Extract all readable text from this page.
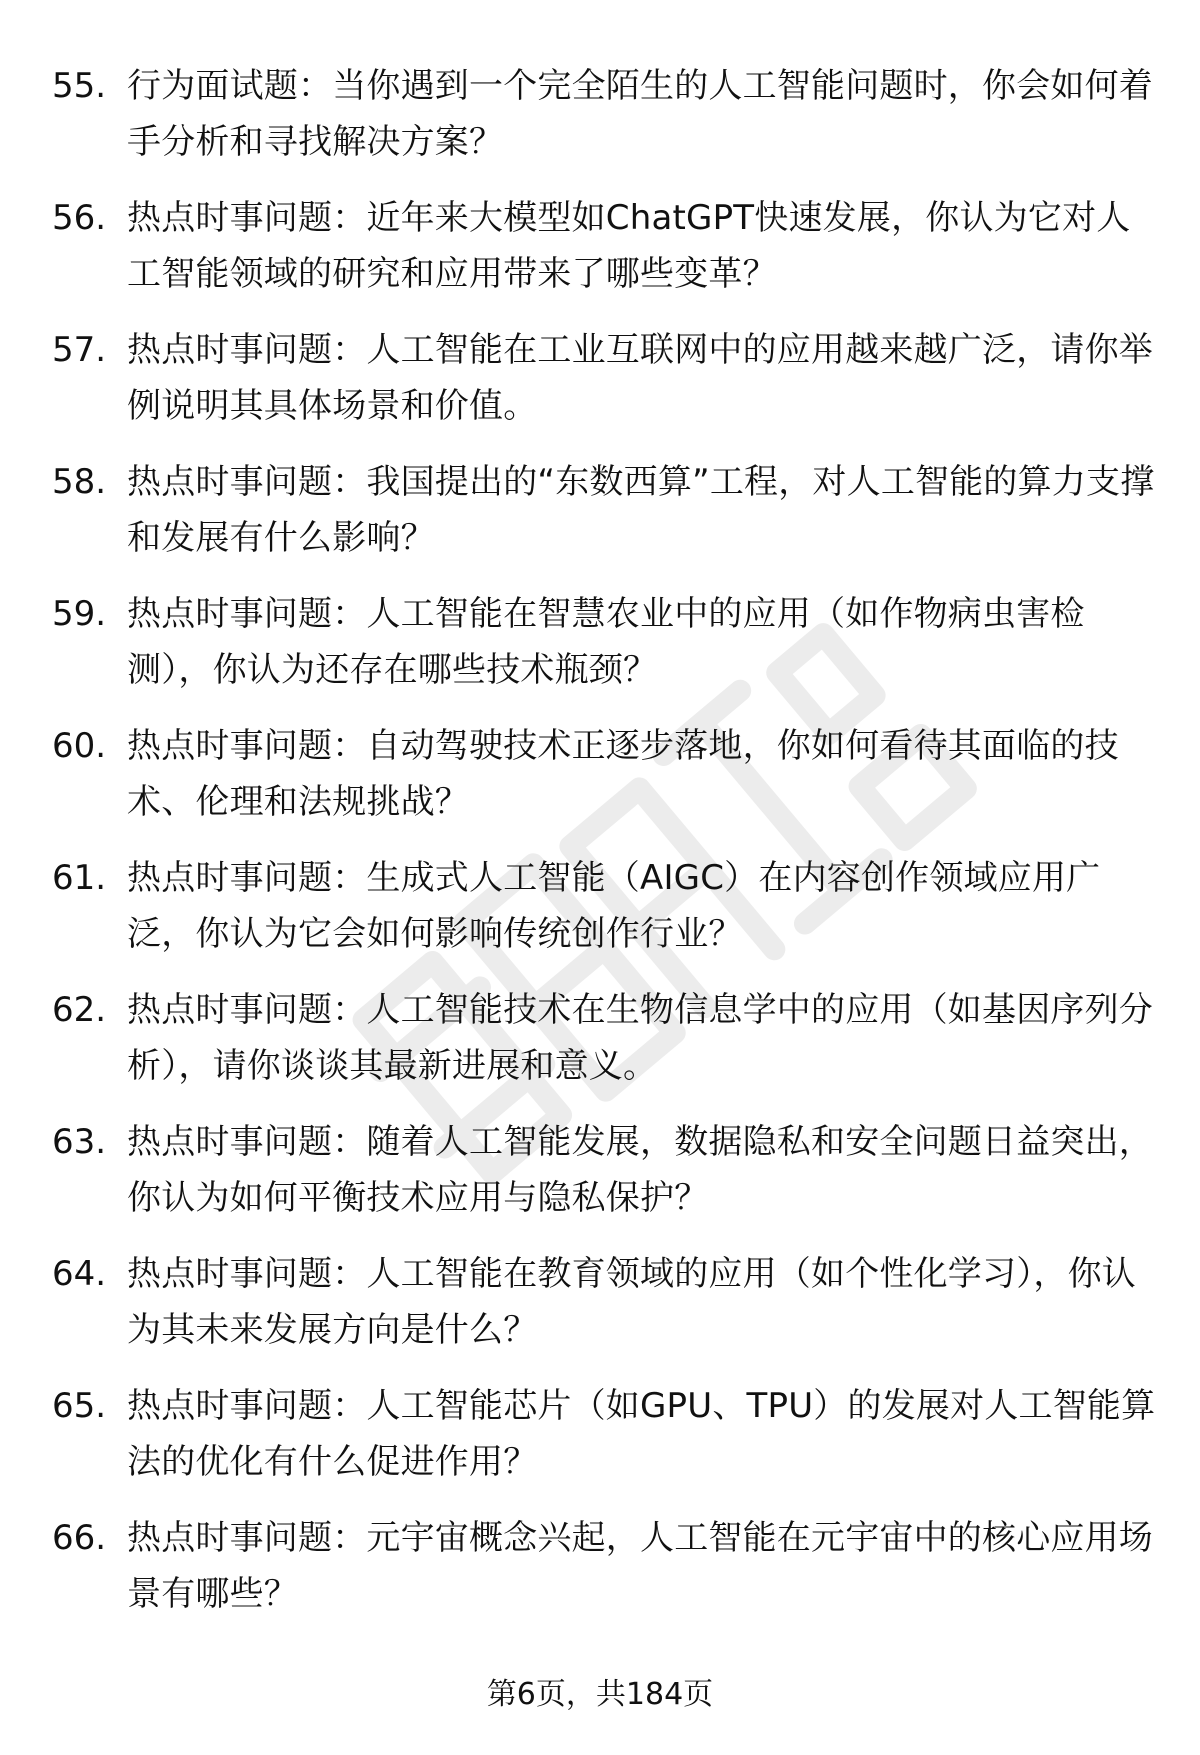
55. 行为面试题：当你遇到一个完全陌生的人工智能问题时，你会如何着手分析和寻找解决方案？
56. 热点时事问题：近年来大模型如ChatGPT快速发展，你认为它对人工智能领域的研究和应用带来了哪些变革？
57. 热点时事问题：人工智能在工业互联网中的应用越来越广泛，请你举例说明其具体场景和价值。
58. 热点时事问题：我国提出的“东数西算”工程，对人工智能的算力支撑和发展有什么影响？
59. 热点时事问题：人工智能在智慧农业中的应用（如作物病虫害检测），你认为还存在哪些技术瓶颈？
60. 热点时事问题：自动驾驶技术正逐步落地，你如何看待其面临的技术、伦理和法规挑战？
61. 热点时事问题：生成式人工智能（AIGC）在内容创作领域应用广泛，你认为它会如何影响传统创作行业？
62. 热点时事问题：人工智能技术在生物信息学中的应用（如基因序列分析），请你谈谈其最新进展和意义。
63. 热点时事问题：随着人工智能发展，数据隐私和安全问题日益突出，你认为如何平衡技术应用与隐私保护？
64. 热点时事问题：人工智能在教育领域的应用（如个性化学习），你认为其未来发展方向是什么？
65. 热点时事问题：人工智能芯片（如GPU、TPU）的发展对人工智能算法的优化有什么促进作用？
66. 热点时事问题：元宇宙概念兴起，人工智能在元宇宙中的核心应用场景有哪些？
第6页，共184页
